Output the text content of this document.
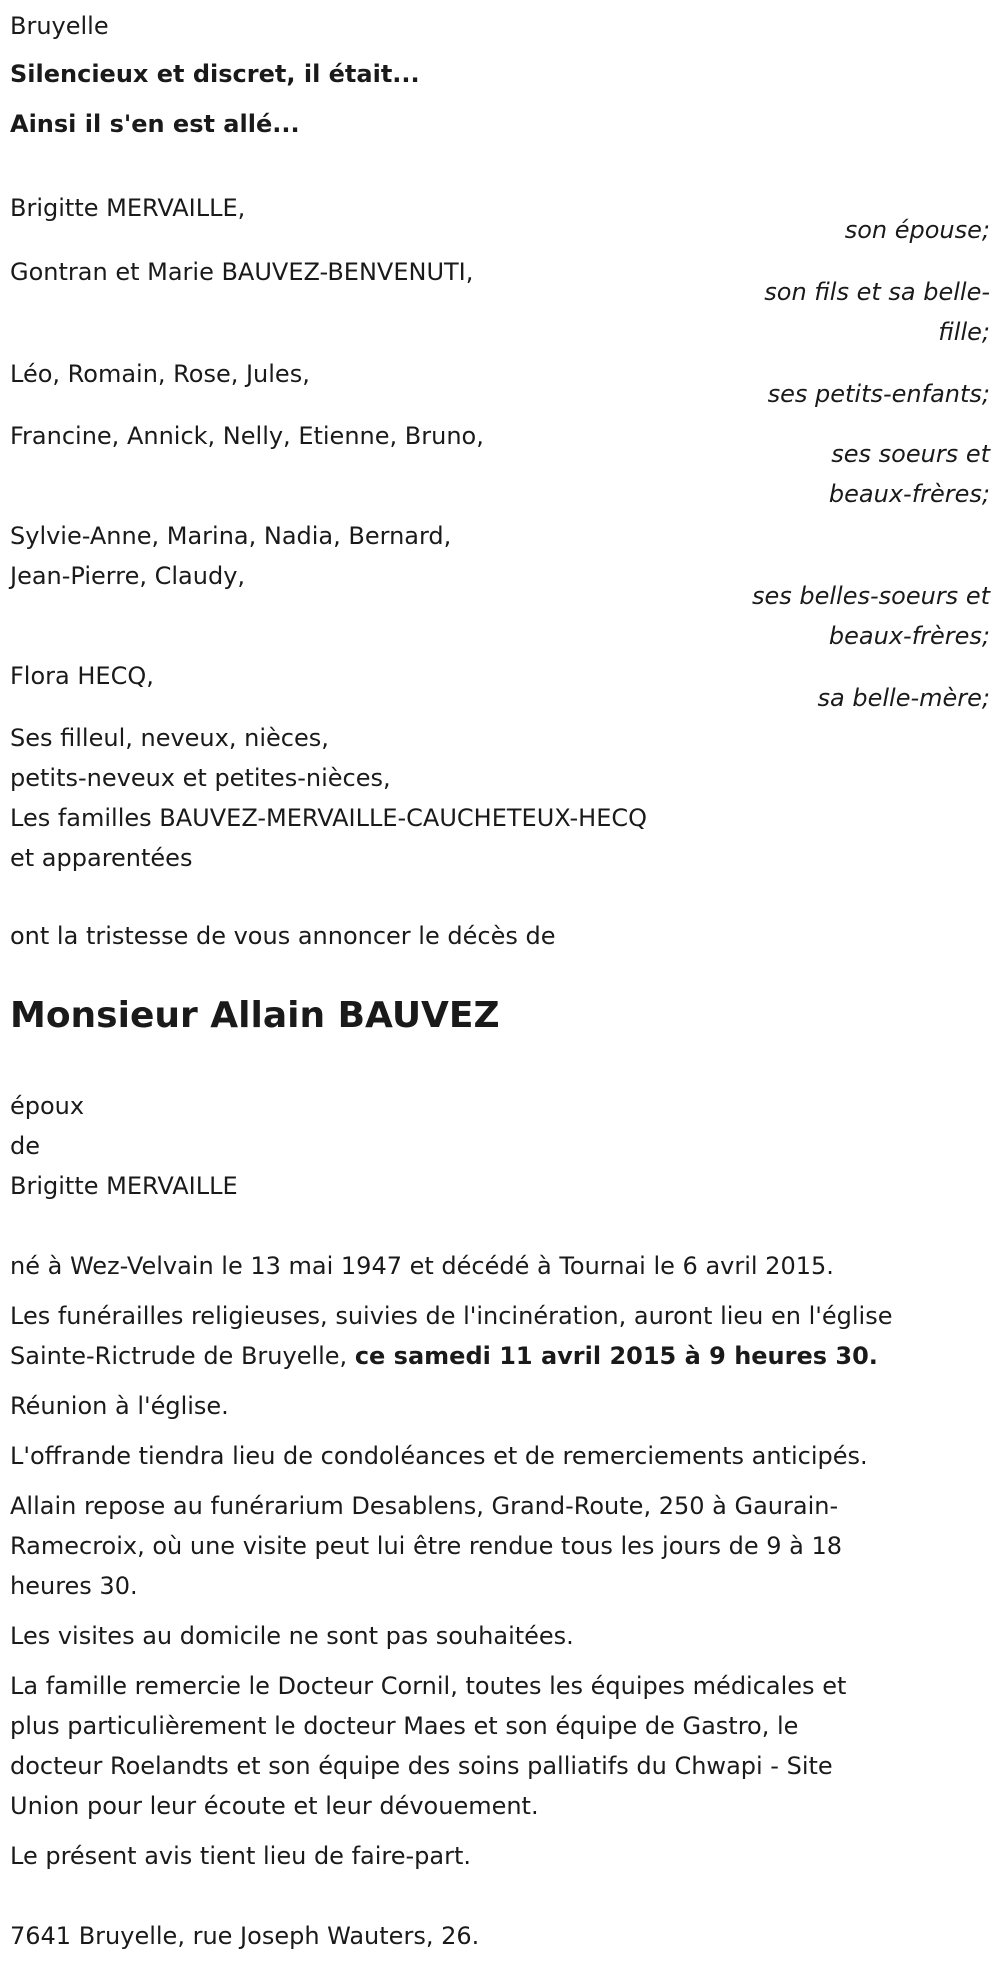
Bruyelle
Silencieux et discret, il était...
Ainsi il s'en est allé...
Brigitte MERVAILLE,
son épouse;
Gontran et Marie BAUVEZ-BENVENUTI,
son fils et sa belle-
fille;
Léo, Romain, Rose, Jules,
ses petits-enfants;
Francine, Annick, Nelly, Etienne, Bruno,
ses soeurs et
beaux-frères;
Sylvie-Anne, Marina, Nadia, Bernard,
Jean-Pierre, Claudy,
ses belles-soeurs et
beaux-frères;
Flora HECQ,
sa belle-mère;
Ses filleul, neveux, nièces,
petits-neveux et petites-nièces,
Les familles BAUVEZ-MERVAILLE-CAUCHETEUX-HECQ
et apparentées
ont la tristesse de vous annoncer le décès de
Monsieur Allain BAUVEZ
époux
de
Brigitte MERVAILLE
né à Wez-Velvain le 13 mai 1947 et décédé à Tournai le 6 avril 2015.
Les funérailles religieuses, suivies de l'incinération, auront lieu en l'église
Sainte-Rictrude de Bruyelle, ce samedi 11 avril 2015 à 9 heures 30.
Réunion à l'église.
L'offrande tiendra lieu de condoléances et de remerciements anticipés.
Allain repose au funérarium Desablens, Grand-Route, 250 à Gaurain-
Ramecroix, où une visite peut lui être rendue tous les jours de 9 à 18
heures 30.
Les visites au domicile ne sont pas souhaitées.
La famille remercie le Docteur Cornil, toutes les équipes médicales et
plus particulièrement le docteur Maes et son équipe de Gastro, le
docteur Roelandts et son équipe des soins palliatifs du Chwapi - Site
Union pour leur écoute et leur dévouement.
Le présent avis tient lieu de faire-part.
7641 Bruyelle, rue Joseph Wauters, 26.
